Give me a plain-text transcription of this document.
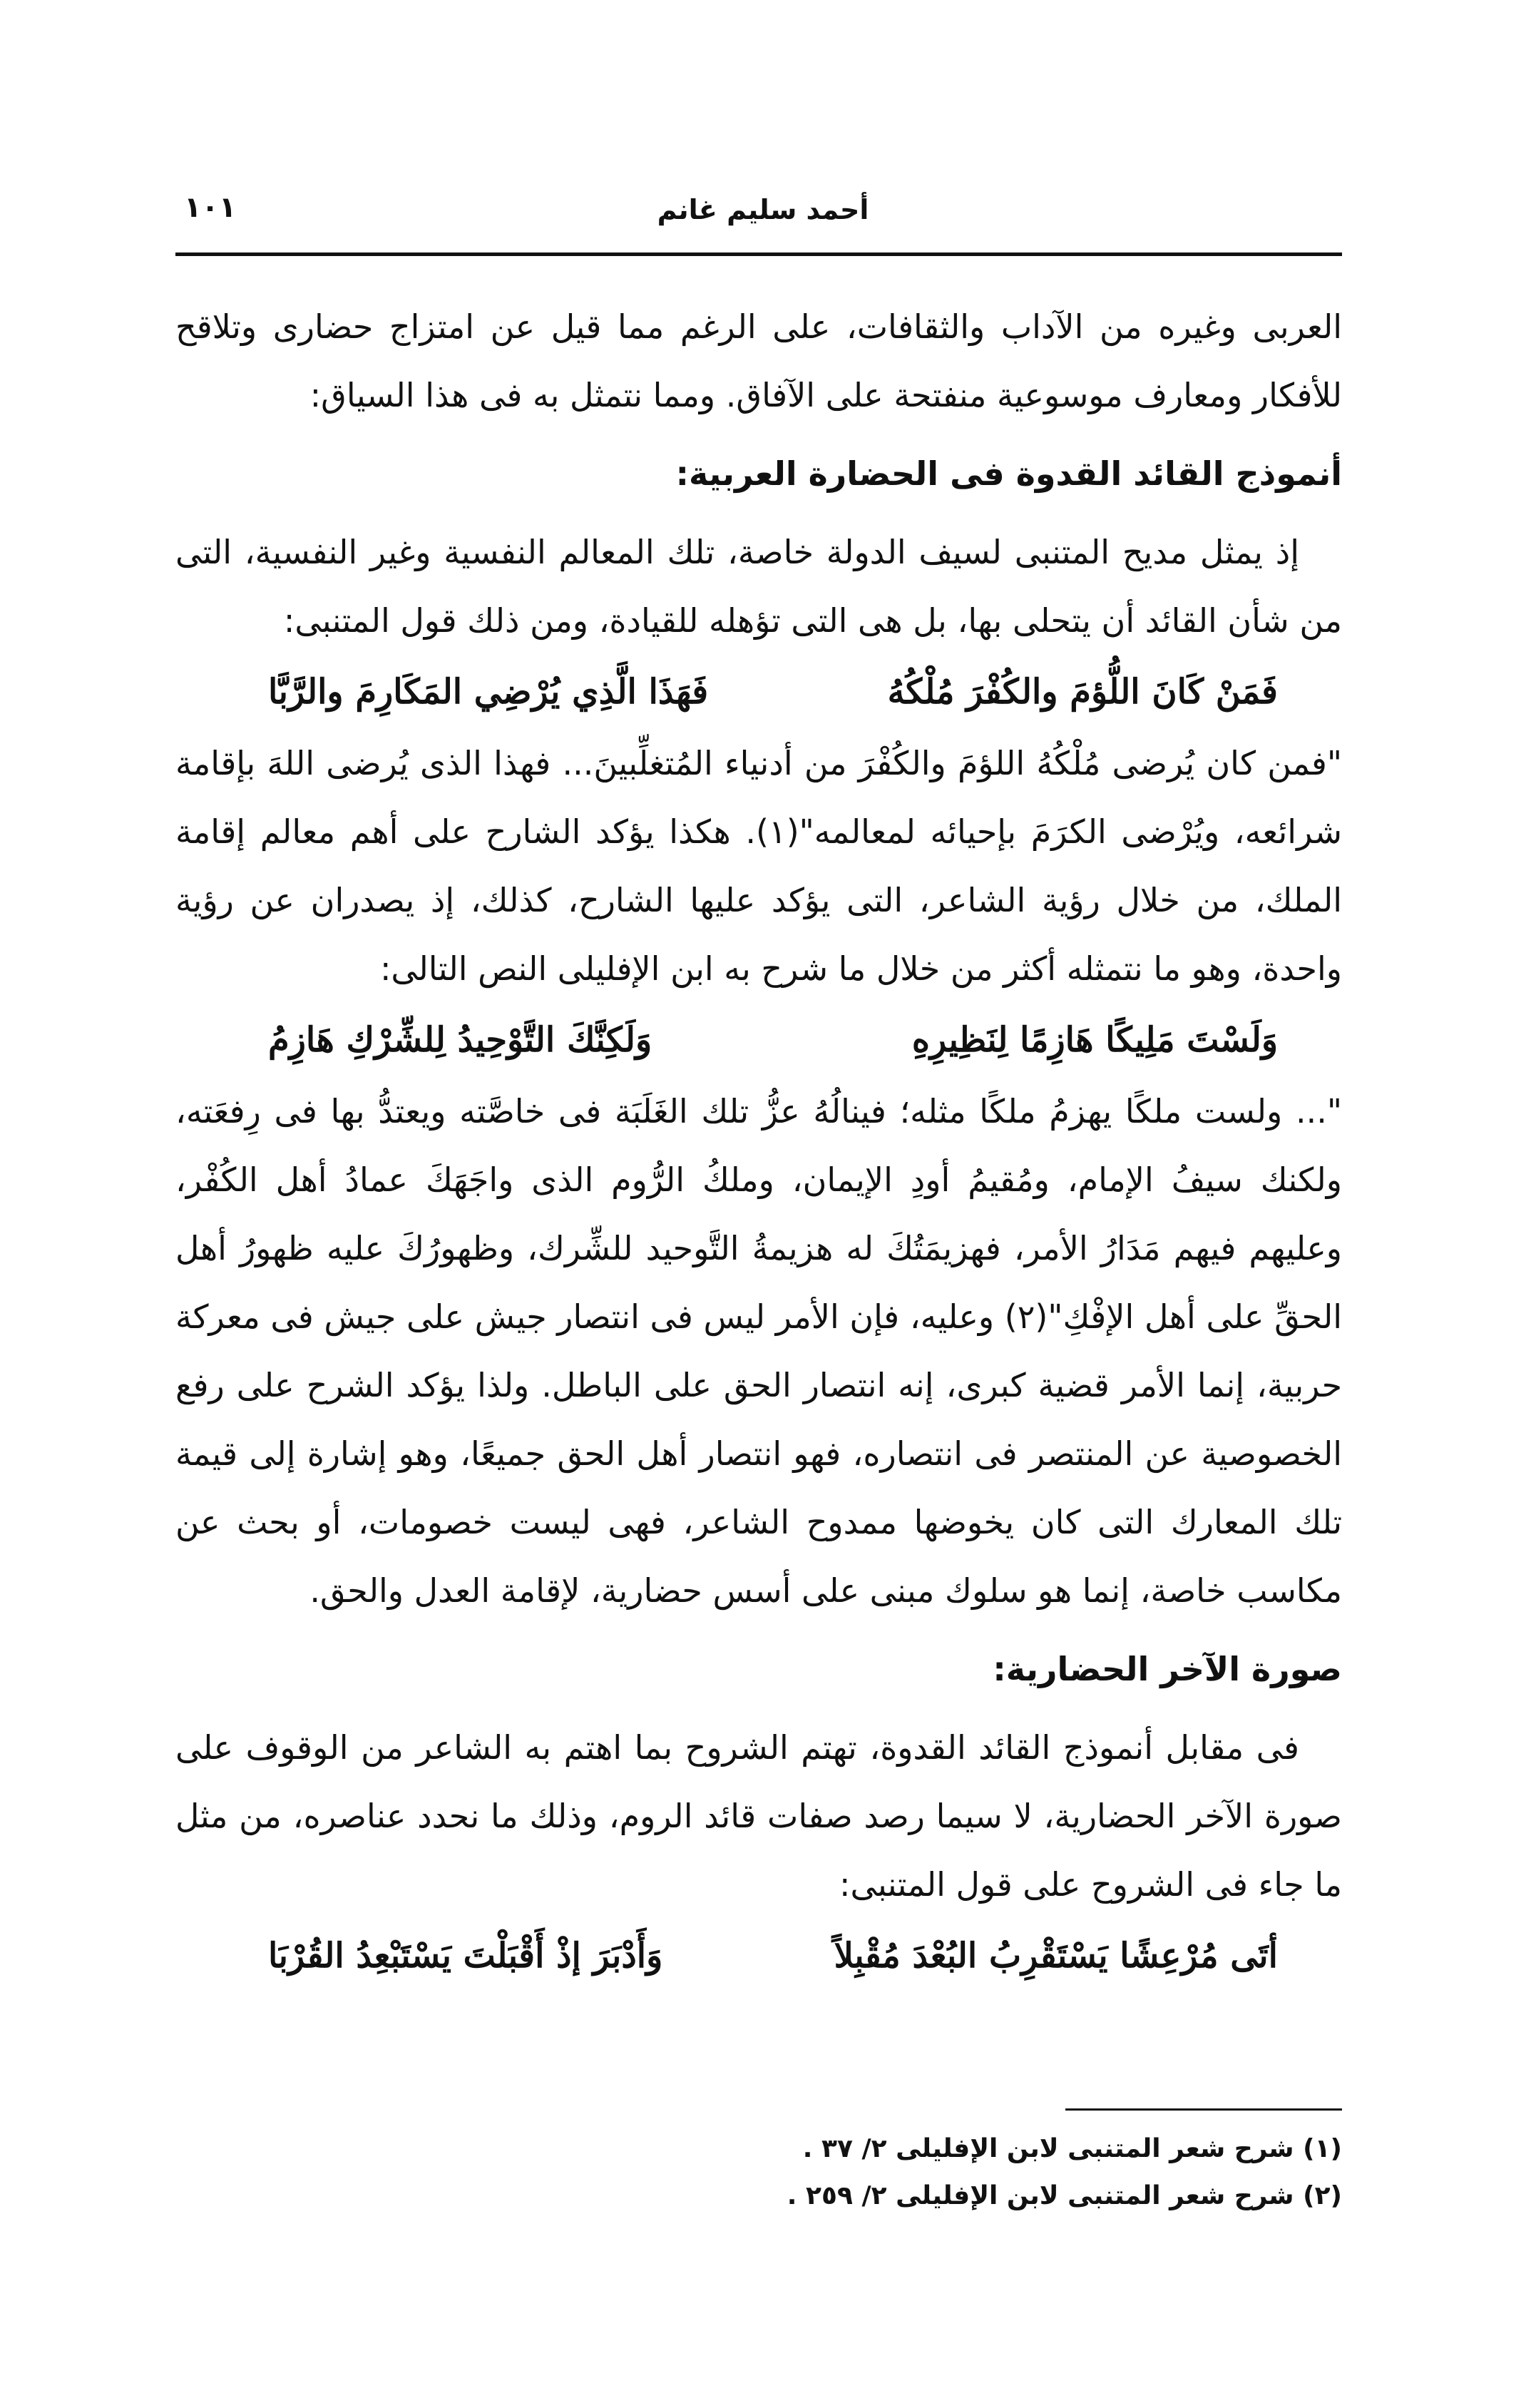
أحمد سليم غانم
١٠١

العربى وغيره من الآداب والثقافات، على الرغم مما قيل عن امتزاج حضارى وتلاقح للأفكار ومعارف موسوعية منفتحة على الآفاق. ومما نتمثل به فى هذا السياق:

أنموذج القائد القدوة فى الحضارة العربية:

إذ يمثل مديح المتنبى لسيف الدولة خاصة، تلك المعالم النفسية وغير النفسية، التى من شأن القائد أن يتحلى بها، بل هى التى تؤهله للقيادة، ومن ذلك قول المتنبى:

فَمَنْ كَانَ اللُّؤمَ والكُفْرَ مُلْكُهُ
فَهَذَا الَّذِي يُرْضِي المَكَارِمَ والرَّبَّا

"فمن كان يُرضى مُلْكُهُ اللؤمَ والكُفْرَ من أدنياء المُتغلِّبينَ... فهذا الذى يُرضى اللهَ بإقامة شرائعه، ويُرْضى الكرَمَ بإحيائه لمعالمه"(١). هكذا يؤكد الشارح على أهم معالم إقامة الملك، من خلال رؤية الشاعر، التى يؤكد عليها الشارح، كذلك، إذ يصدران عن رؤية واحدة، وهو ما نتمثله أكثر من خلال ما شرح به ابن الإفليلى النص التالى:

وَلَسْتَ مَلِيكًا هَازِمًا لِنَظِيرِهِ
وَلَكِنَّكَ التَّوْحِيدُ لِلشِّرْكِ هَازِمُ

"... ولست ملكًا يهزمُ ملكًا مثله؛ فينالُهُ عزُّ تلك الغَلَبَة فى خاصَّته ويعتدُّ بها فى رِفعَته، ولكنك سيفُ الإمام، ومُقيمُ أودِ الإيمان، وملكُ الرُّوم الذى واجَهَكَ عمادُ أهل الكُفْر، وعليهم فيهم مَدَارُ الأمر، فهزيمَتُكَ له هزيمةُ التَّوحيد للشِّرك، وظهورُكَ عليه ظهورُ أهل الحقِّ على أهل الإفْكِ"(٢) وعليه، فإن الأمر ليس فى انتصار جيش على جيش فى معركة حربية، إنما الأمر قضية كبرى، إنه انتصار الحق على الباطل. ولذا يؤكد الشرح على رفع الخصوصية عن المنتصر فى انتصاره، فهو انتصار أهل الحق جميعًا، وهو إشارة إلى قيمة تلك المعارك التى كان يخوضها ممدوح الشاعر، فهى ليست خصومات، أو بحث عن مكاسب خاصة، إنما هو سلوك مبنى على أسس حضارية، لإقامة العدل والحق.

صورة الآخر الحضارية:

فى مقابل أنموذج القائد القدوة، تهتم الشروح بما اهتم به الشاعر من الوقوف على صورة الآخر الحضارية، لا سيما رصد صفات قائد الروم، وذلك ما نحدد عناصره، من مثل ما جاء فى الشروح على قول المتنبى:

أتَى مُرْعِشًا يَسْتَقْرِبُ البُعْدَ مُقْبِلاً
وَأَدْبَرَ إذْ أَقْبَلْتَ يَسْتَبْعِدُ القُرْبَا

(١) شرح شعر المتنبى لابن الإفليلى ٢/ ٣٧ .

(٢) شرح شعر المتنبى لابن الإفليلى ٢/ ٢٥٩ .
